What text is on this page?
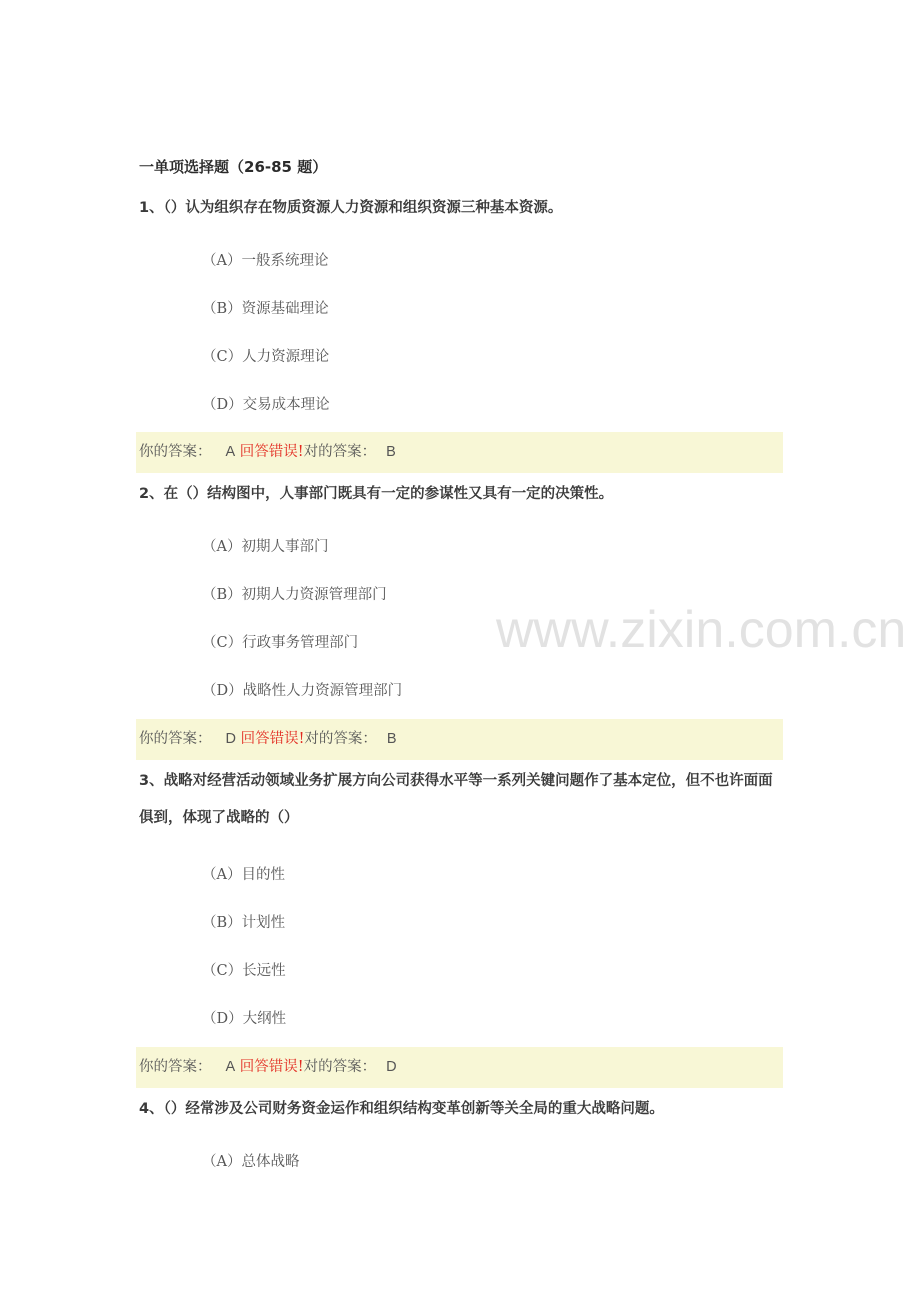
一单项选择题（26-85 题）
1、（）认为组织存在物质资源人力资源和组织资源三种基本资源。
（A）一般系统理论
（B）资源基础理论
（C）人力资源理论
（D）交易成本理论
你的答案： A 回答错误!对的答案： B
2、在（）结构图中，人事部门既具有一定的参谋性又具有一定的决策性。
（A）初期人事部门
（B）初期人力资源管理部门
（C）行政事务管理部门
（D）战略性人力资源管理部门
你的答案： D 回答错误!对的答案： B
3、战略对经营活动领域业务扩展方向公司获得水平等一系列关键问题作了基本定位，但不也许面面俱到，体现了战略的（）
（A）目的性
（B）计划性
（C）长远性
（D）大纲性
你的答案： A 回答错误!对的答案： D
4、（）经常涉及公司财务资金运作和组织结构变革创新等关全局的重大战略问题。
（A）总体战略
www.zixin.com.cn
